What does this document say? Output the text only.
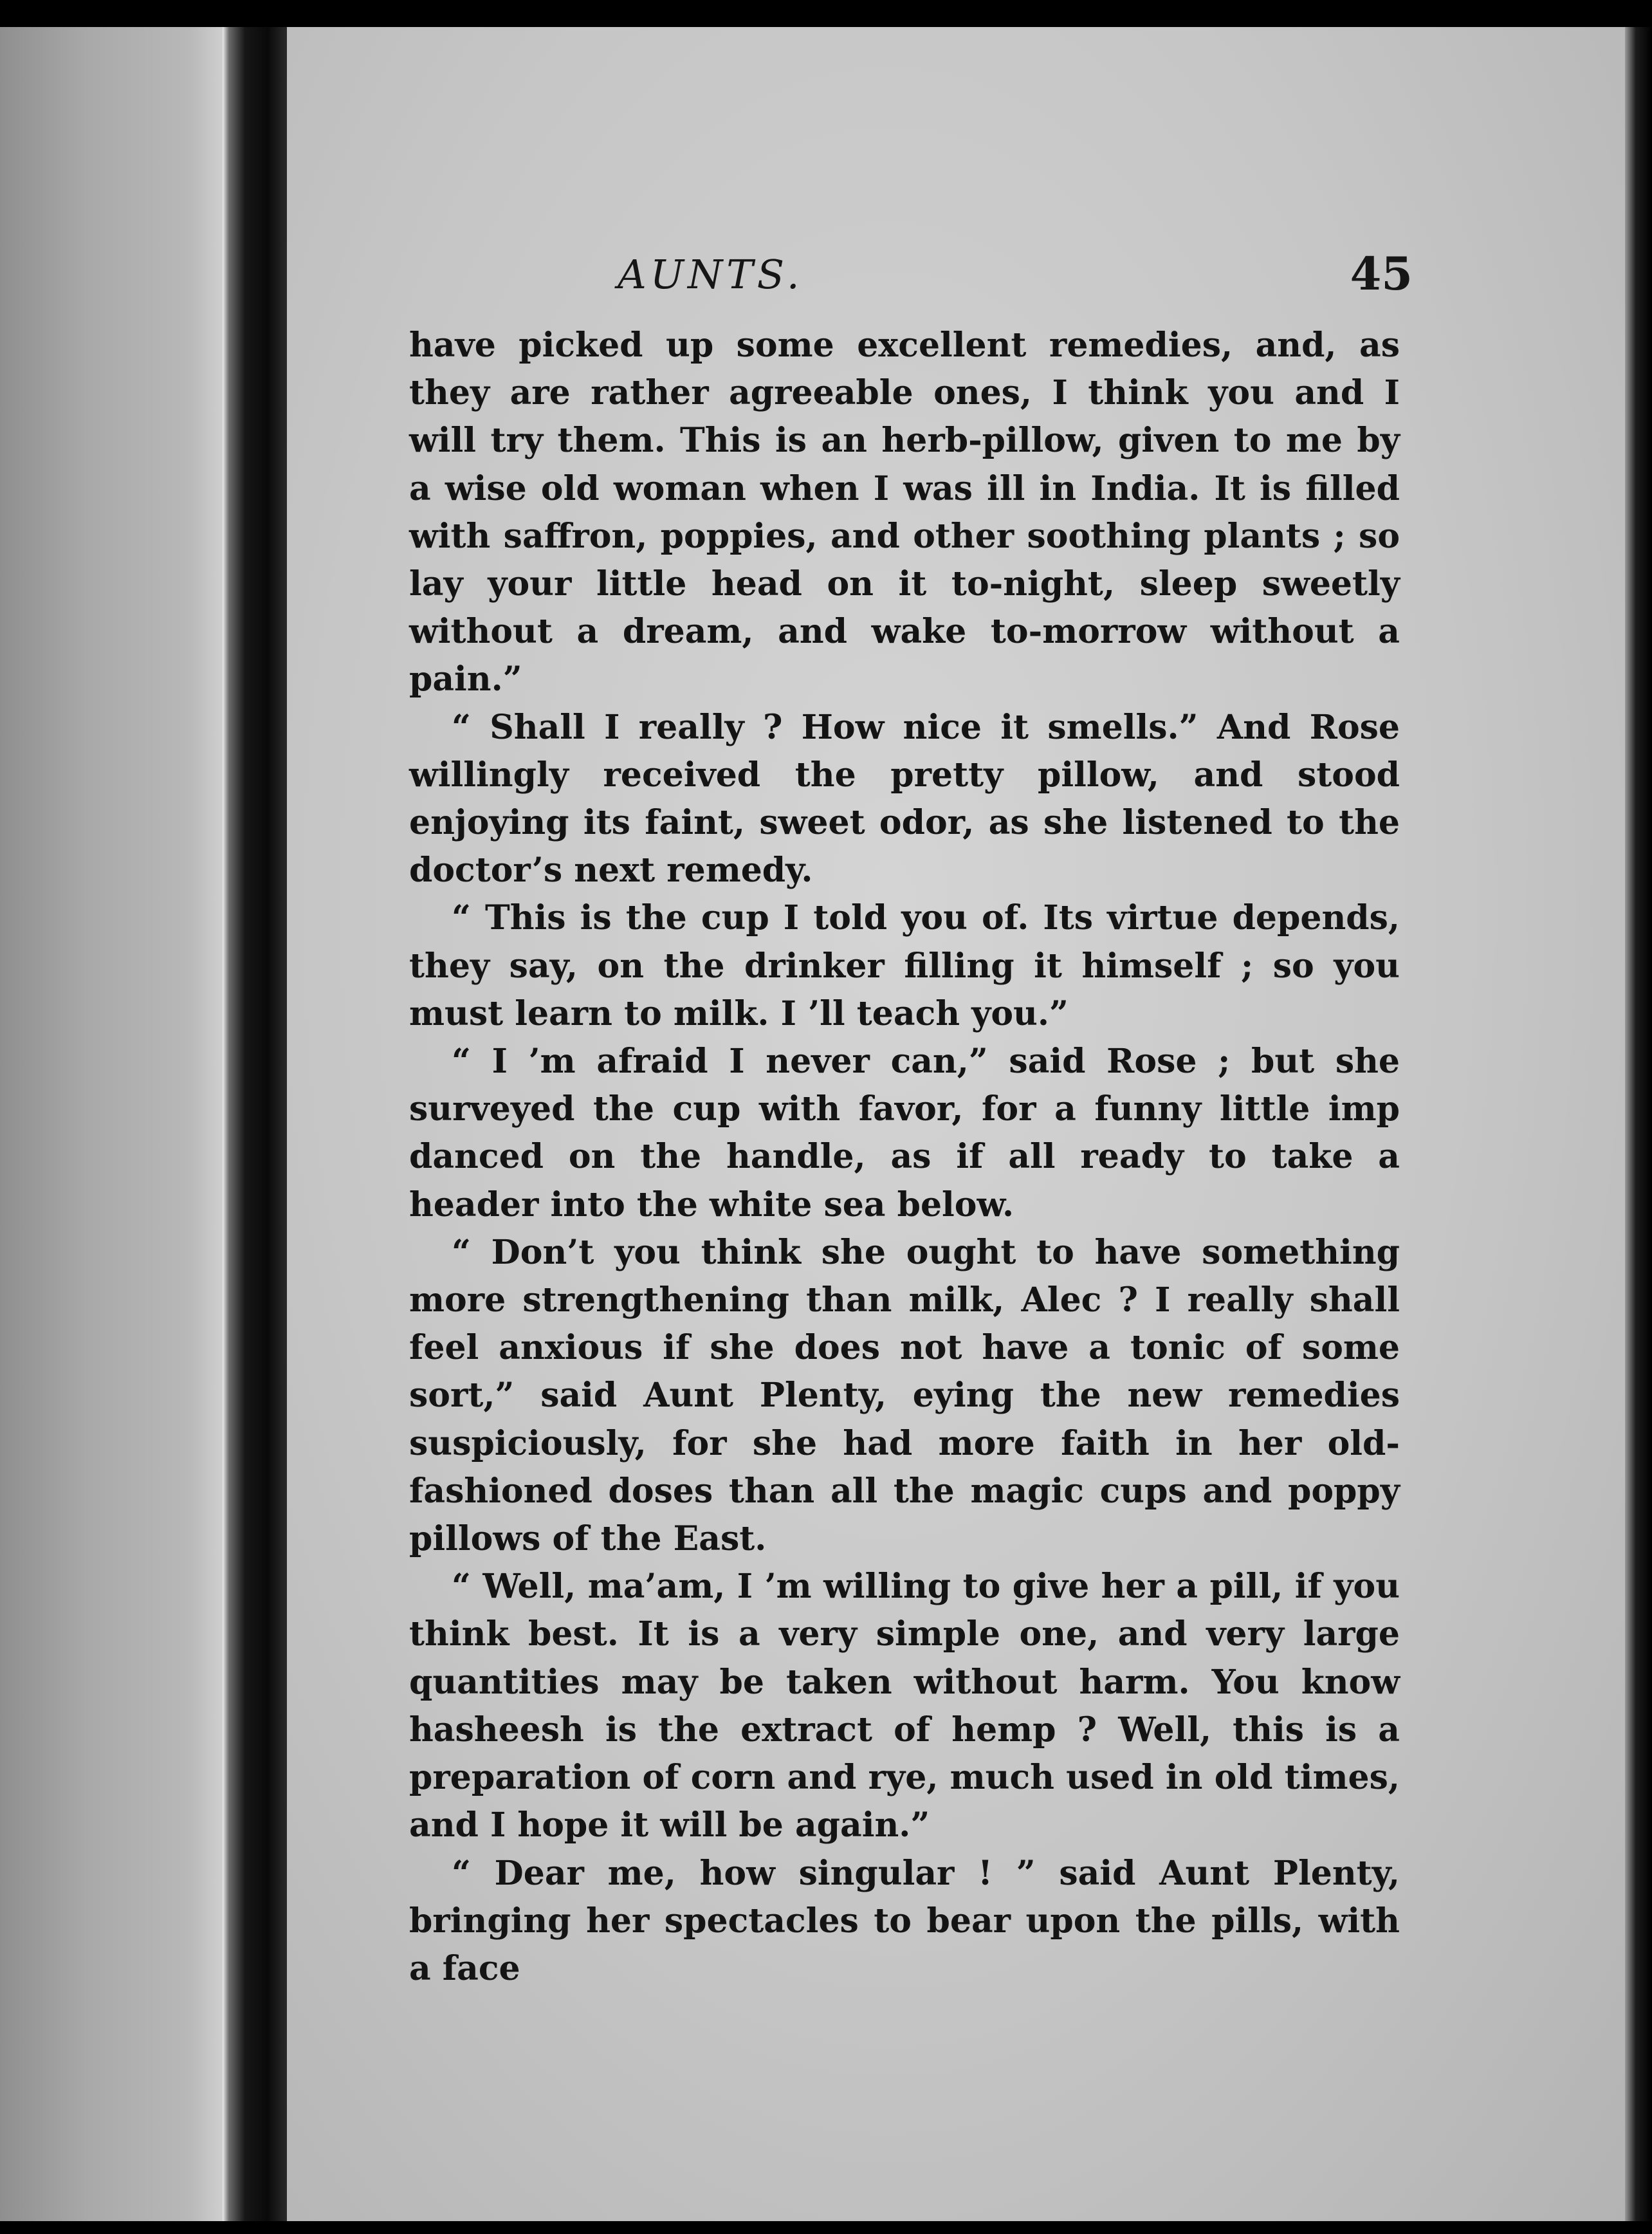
AUNTS.	45

have picked up some excellent remedies, and, as they are rather agreeable ones, I think you and I will try them. This is an herb-pillow, given to me by a wise old woman when I was ill in India. It is filled with saffron, poppies, and other soothing plants ; so lay your little head on it to-night, sleep sweetly without a dream, and wake to-morrow without a pain.”

“ Shall I really ? How nice it smells.” And Rose willingly received the pretty pillow, and stood enjoying its faint, sweet odor, as she listened to the doctor’s next remedy.

“ This is the cup I told you of. Its virtue depends, they say, on the drinker filling it himself ; so you must learn to milk. I ’ll teach you.”

“ I ’m afraid I never can,” said Rose ; but she surveyed the cup with favor, for a funny little imp danced on the handle, as if all ready to take a header into the white sea below.

“ Don’t you think she ought to have something more strengthening than milk, Alec ? I really shall feel anxious if she does not have a tonic of some sort,” said Aunt Plenty, eying the new remedies suspiciously, for she had more faith in her old-fashioned doses than all the magic cups and poppy pillows of the East.

“ Well, ma’am, I ’m willing to give her a pill, if you think best. It is a very simple one, and very large quantities may be taken without harm. You know hasheesh is the extract of hemp ? Well, this is a preparation of corn and rye, much used in old times, and I hope it will be again.”

“ Dear me, how singular ! ” said Aunt Plenty, bringing her spectacles to bear upon the pills, with a face
